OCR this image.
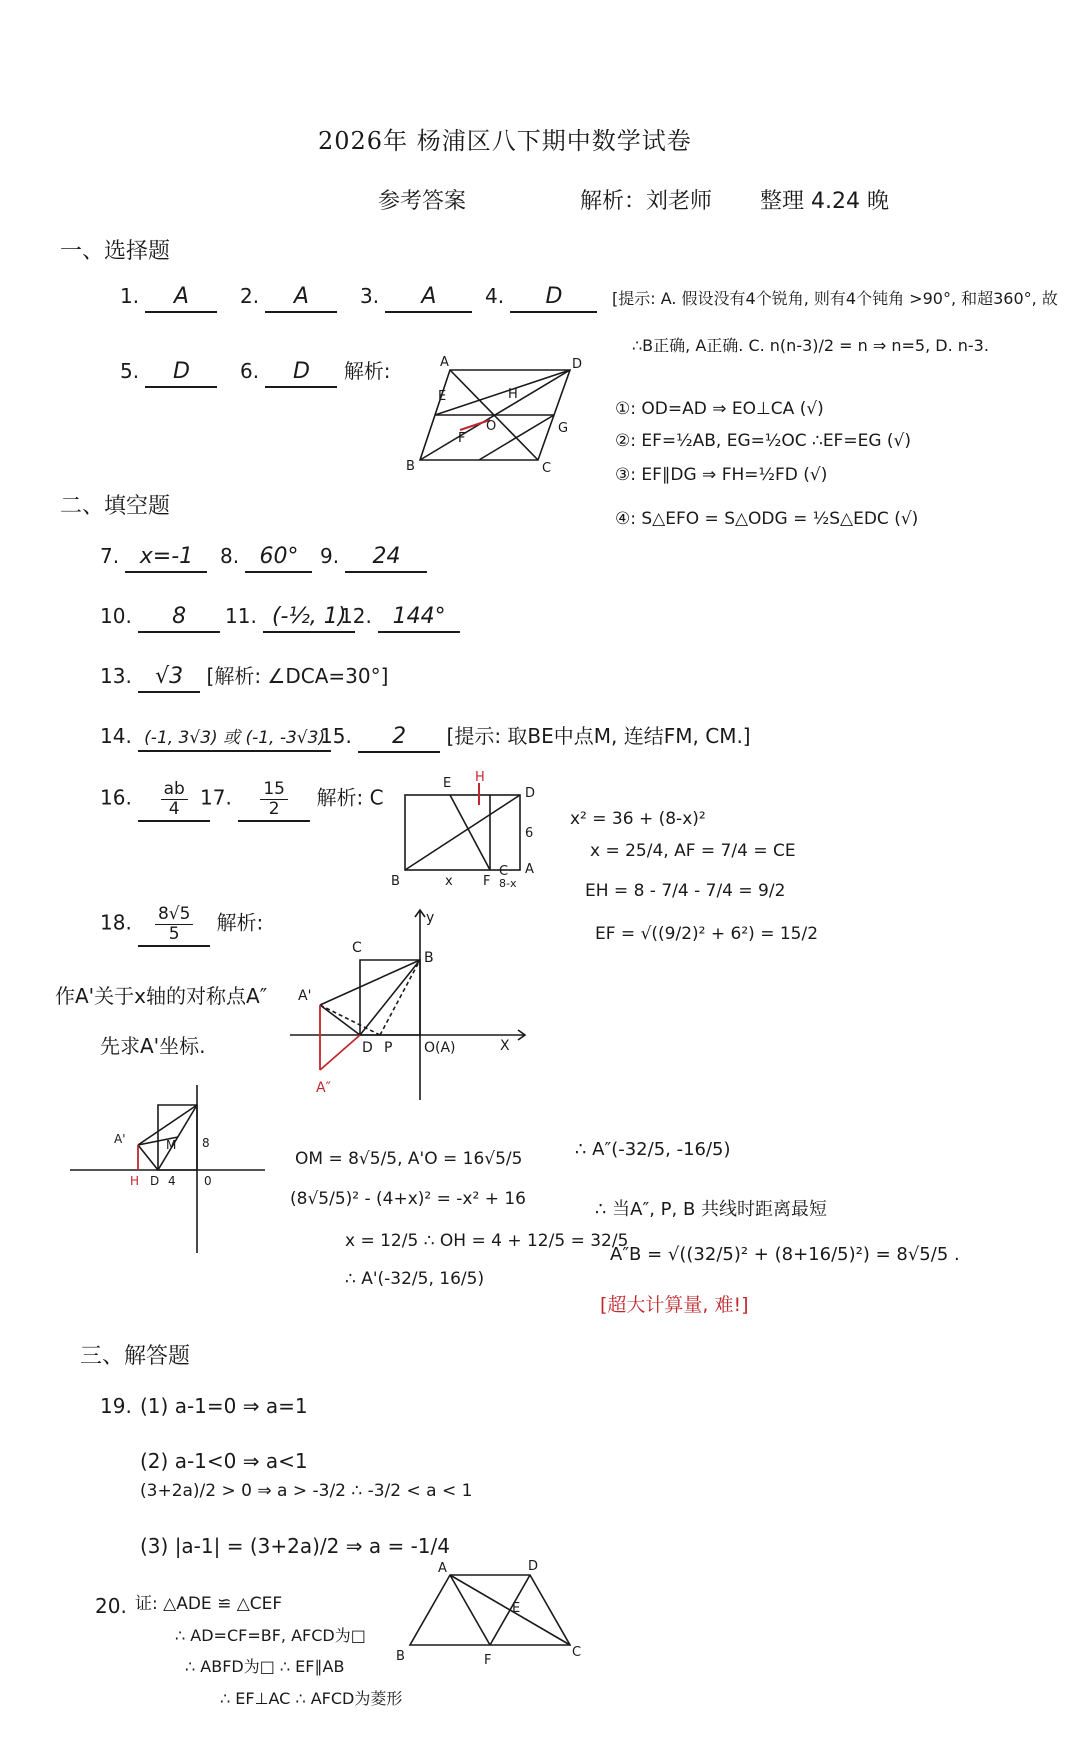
2026年 杨浦区八下期中数学试卷
参考答案	解析：刘老师 整理 4.24 晚
一、选择题
1. A	2. A	3. A	4. D	[提示: A. 假设没有4个锐角, 则有4个钝角 >90°, 和超360°, 故
∴B正确, A正确. C. n(n-3)/2 = n ⇒ n=5, D. n-3.
5. D	6. D 解析:	A	D
B	C
E
F
G
H
O
①: OD=AD ⇒ EO⊥CA (√)
②: EF=½AB, EG=½OC ∴EF=EG (√)
③: EF∥DG ⇒ FH=½FD (√)
④: S△EFO = S△ODG = ½S△EDC (√)
二、填空题
7. x=-1	8. 60°	9. 24
10. 8	11. (-½, 1)
12. 144°
13. √3 [解析: ∠DCA=30°]
14. (-1, 3√3) 或 (-1, -3√3)
15. 2 [提示: 取BE中点M, 连结FM, CM.]
16. $\frac{ab}{4} 17$. $\frac{15}{2}$ 解析: C
E H
D
B	x F
C A
6
8-x
x² = 36 + (8-x)²
x = 25/4, AF = 7/4 = CE
EH = 8 - 7/4 - 7/4 = 9/2
EF = √((9/2)² + 6²) = 15/2
18. $\frac{8√5}{5}$ 解析:
作A'关于x轴的对称点A″
先求A'坐标.
C
B
A'
D P O(A)
A″
X
y
A'
H D 4
M 8
0
OM = 8√5/5, A'O = 16√5/5
(8√5/5)² - (4+x)² = -x² + 16
x = 12/5 ∴ OH = 4 + 12/5 = 32/5
∴ A'(-32/5, 16/5)
∴ A″(-32/5, -16/5)
∴ 当A″, P, B 共线时距离最短
A″B = √((32/5)² + (8+16/5)²) = 8√5/5 .
[超大计算量, 难!]
三、解答题
19. (1) a-1=0 ⇒ a=1
(2) a-1<0 ⇒ a<1
(3+2a)/2 > 0 ⇒ a > -3/2 ∴ -3/2 < a < 1
(3) |a-1| = (3+2a)/2 ⇒ a = -1/4
20. 证: △ADE ≌ △CEF
∴ AD=CF=BF, AFCD为□
∴ ABFD为□ ∴ EF∥AB
∴ EF⊥AC ∴ AFCD为菱形
A	D
E
B	F
C
